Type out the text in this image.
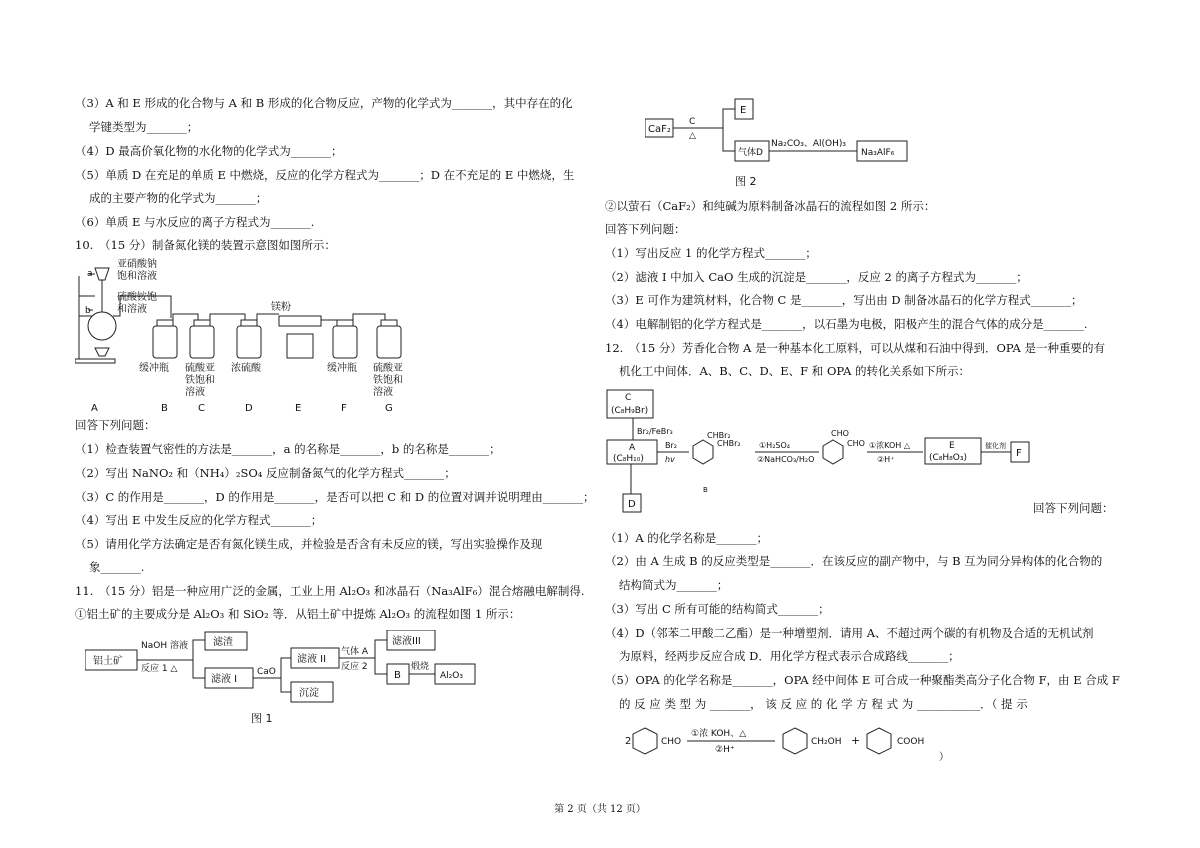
（3）A 和 E 形成的化合物与 A 和 B 形成的化合物反应，产物的化学式为_______，其中存在的化
学键类型为_______；
（4）D 最高价氧化物的水化物的化学式为_______；
（5）单质 D 在充足的单质 E 中燃烧，反应的化学方程式为_______；D 在不充足的 E 中燃烧，生
成的主要产物的化学式为_______；
（6）单质 E 与水反应的离子方程式为_______.
10.　（15 分）制备氮化镁的装置示意图如图所示：
a
b
亚硝酸钠
饱和溶液
硫酸铵饱
和溶液	镁粉
缓冲瓶 硫酸亚
铁饱和
溶液
浓硫酸	缓冲瓶 硫酸亚
铁饱和
溶液
A	B	C	D	E	F	G
回答下列问题：
（1）检查装置气密性的方法是_______，a 的名称是_______，b 的名称是_______；
（2）写出 NaNO₂ 和（NH₄）₂SO₄ 反应制备氮气的化学方程式_______；
（3）C 的作用是_______，D 的作用是_______，是否可以把 C 和 D 的位置对调并说明理由_______；
（4）写出 E 中发生反应的化学方程式_______；
（5）请用化学方法确定是否有氮化镁生成，并检验是否含有未反应的镁，写出实验操作及现
象_______.
11.　（15 分）铝是一种应用广泛的金属，工业上用 Al₂O₃ 和冰晶石（Na₃AlF₆）混合熔融电解制得.
①铝土矿的主要成分是 Al₂O₃ 和 SiO₂ 等．从铝土矿中提炼 Al₂O₃ 的流程如图 1 所示：
铝土矿
NaOH 溶液
反应 1 △
滤渣
滤液 I
CaO
滤液 II
沉淀
气体 A
反应 2
滤液III
B
煅烧
Al₂O₃
图 1
CaF₂
C
△
E
气体D
Na₂CO₃、Al(OH)₃
Na₃AlF₆
图 2
②以萤石（CaF₂）和纯碱为原料制备冰晶石的流程如图 2 所示：
回答下列问题：
（1）写出反应 1 的化学方程式_______；
（2）滤液 I 中加入 CaO 生成的沉淀是_______，反应 2 的离子方程式为_______；
（3）E 可作为建筑材料，化合物 C 是_______，写出由 D 制备冰晶石的化学方程式_______；
（4）电解制铝的化学方程式是_______，以石墨为电极，阳极产生的混合气体的成分是_______.
12.　（15 分）芳香化合物 A 是一种基本化工原料，可以从煤和石油中得到．OPA 是一种重要的有
机化工中间体．A、B、C、D、E、F 和 OPA 的转化关系如下所示：
C
(C₈H₉Br)
Br₂/FeBr₃
A
(C₈H₁₀)
D
Br₂
hv
CHBr₂
CHBr₂
B
①H₂SO₄
②NaHCO₃/H₂O
CHO
CHO ①浓KOH △
②H⁺
E
(C₈H₈O₃)
催化剂
F
回答下列问题：
（1）A 的化学名称是_______；
（2）由 A 生成 B 的反应类型是_______．在该反应的副产物中，与 B 互为同分异构体的化合物的
结构简式为_______；
（3）写出 C 所有可能的结构简式_______；
（4）D（邻苯二甲酸二乙酯）是一种增塑剂．请用 A、不超过两个碳的有机物及合适的无机试剂
为原料，经两步反应合成 D．用化学方程式表示合成路线_______；
（5）OPA 的化学名称是_______，OPA 经中间体 E 可合成一种聚酯类高分子化合物 F，由 E 合成 F
的 反 应 类 型 为 _______， 该 反 应 的 化 学 方 程 式 为 ___________．（ 提 示
2	CHO
①浓 KOH、△
②H⁺
CH₂OH +	COOH
）
第 2 页（共 12 页）
